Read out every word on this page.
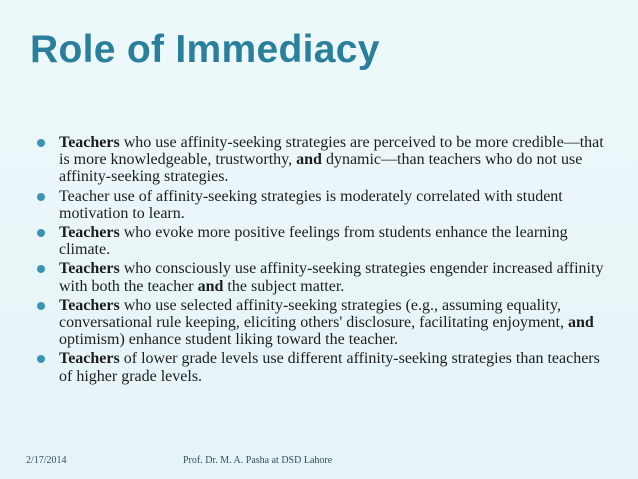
Role of Immediacy
Teachers who use affinity-seeking strategies are perceived to be more credible—that is more knowledgeable, trustworthy, and dynamic—than teachers who do not use affinity-seeking strategies.
Teacher use of affinity-seeking strategies is moderately correlated with student motivation to learn.
Teachers who evoke more positive feelings from students enhance the learning climate.
Teachers who consciously use affinity-seeking strategies engender increased affinity with both the teacher and the subject matter.
Teachers who use selected affinity-seeking strategies (e.g., assuming equality, conversational rule keeping, eliciting others' disclosure, facilitating enjoyment, and optimism) enhance student liking toward the teacher.
Teachers of lower grade levels use different affinity-seeking strategies than teachers of higher grade levels.
2/17/2014	Prof. Dr. M. A. Pasha at DSD Lahore
